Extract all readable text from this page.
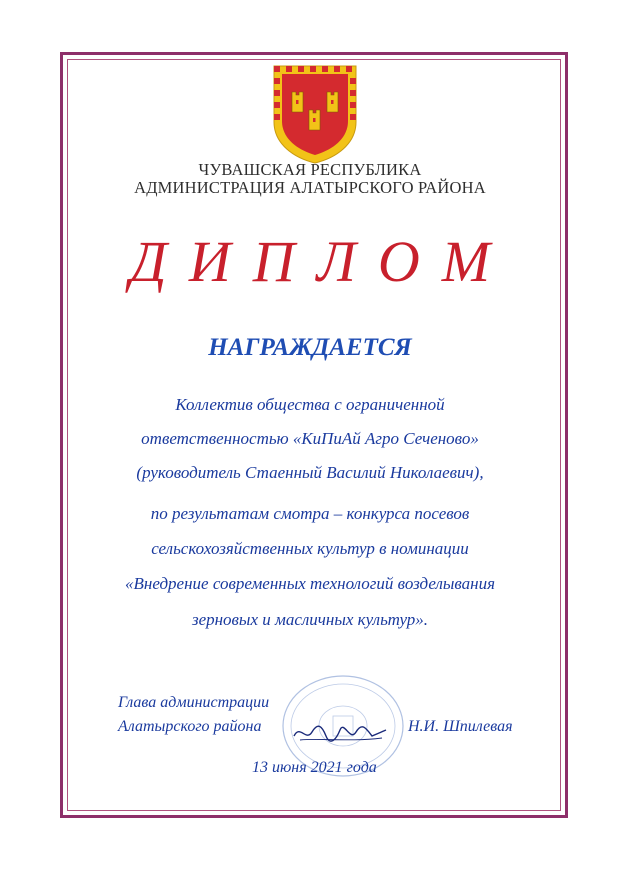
ЧУВАШСКАЯ РЕСПУБЛИКА
АДМИНИСТРАЦИЯ АЛАТЫРСКОГО РАЙОНА
ДИПЛОМ
НАГРАЖДАЕТСЯ
Коллектив общества с ограниченной
ответственностью «КиПиАй Агро Сеченово»
(руководитель Стаенный Василий Николаевич),
по результатам смотра – конкурса посевов
сельскохозяйственных культур в номинации
«Внедрение современных технологий возделывания
зерновых и масличных культур».
Глава администрации
Алатырского района	Н.И. Шпилевая
13 июня 2021 года
